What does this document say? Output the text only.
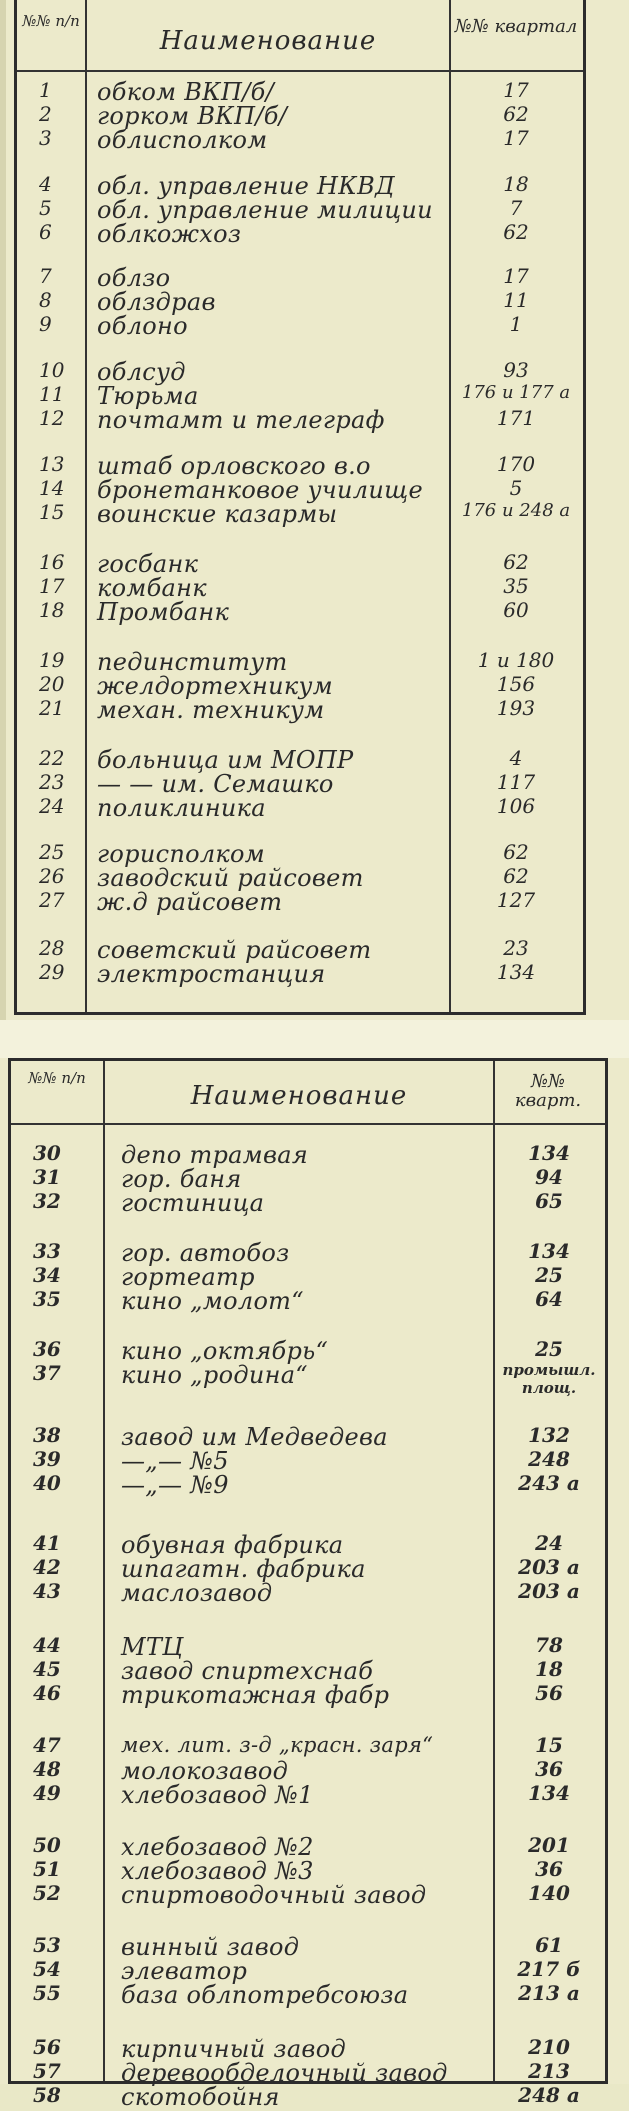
№№ п/п
Наименование	№№ квартал
1 обком ВКП/б/	17
2 горком ВКП/б/	62
3 облисполком	17
4 обл. управление НКВД	18
5 обл. управление милиции	7
6 облкожхоз	62
7 облзо	17
8 облздрав	11
9 облоно	1
10 облсуд	93
11 Тюрьма	176 и 177 а
12 почтамт и телеграф	171
13 штаб орловского в.о	170
14 бронетанковое училище	5
15 воинские казармы	176 и 248 а
16 госбанк	62
17 комбанк	35
18 Промбанк	60
19 пединститут	1 и 180
20 желдортехникум	156
21 механ. техникум	193
22 больница им МОПР	4
23 — — им. Семашко	117
24 поликлиника	106
25 горисполком	62
26 заводский райсовет	62
27 ж.д райсовет	127
28 советский райсовет	23
29 электростанция	134
№№ п/п
Наименование	№№ кварт.
30	депо трамвая	134
31	гор. баня	94
32	гостиница	65
33	гор. автобоз	134
34	гортеатр	25
35	кино „молот“	64
36	кино „октябрь“	25
37	кино „родина“	промышл. площ.
38	завод им Медведева	132
39	—„— №5	248
40	—„— №9	243 а
41	обувная фабрика	24
42	шпагатн. фабрика	203 а
43	маслозавод	203 а
44	МТЦ	78
45	завод спиртехснаб	18
46	трикотажная фабр	56
47	мех. лит. з-д „красн. заря“	15
48	молокозавод	36
49	хлебозавод №1	134
50	хлебозавод №2	201
51	хлебозавод №3	36
52	спиртоводочный завод	140
53	винный завод	61
54	элеватор	217 б
55	база облпотребсоюза	213 а
56	кирпичный завод	210
57	деревообделочный завод	213
58	скотобойня	248 а
